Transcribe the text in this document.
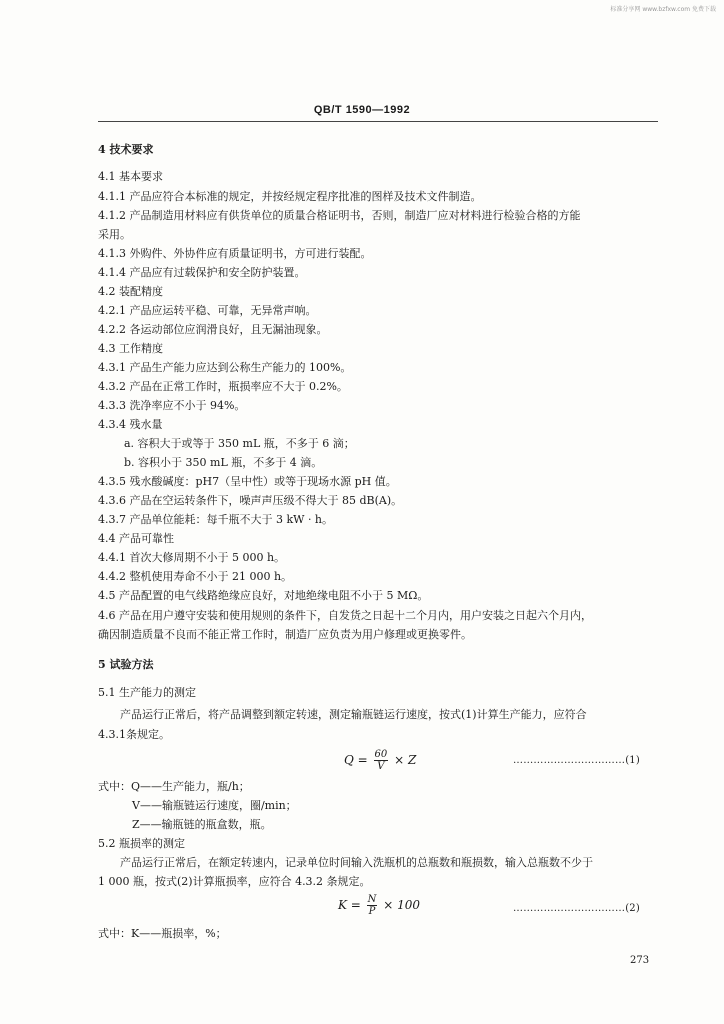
标准分享网 www.bzfxw.com 免费下载
QB/T 1590—1992
4 技术要求
4.1 基本要求
4.1.1 产品应符合本标准的规定，并按经规定程序批准的图样及技术文件制造。
4.1.2 产品制造用材料应有供货单位的质量合格证明书，否则，制造厂应对材料进行检验合格的方能
采用。
4.1.3 外购件、外协件应有质量证明书，方可进行装配。
4.1.4 产品应有过载保护和安全防护装置。
4.2 装配精度
4.2.1 产品应运转平稳、可靠，无异常声响。
4.2.2 各运动部位应润滑良好，且无漏油现象。
4.3 工作精度
4.3.1 产品生产能力应达到公称生产能力的 100%。
4.3.2 产品在正常工作时，瓶损率应不大于 0.2%。
4.3.3 洗净率应不小于 94%。
4.3.4 残水量
a. 容积大于或等于 350 mL 瓶，不多于 6 滴；
b. 容积小于 350 mL 瓶，不多于 4 滴。
4.3.5 残水酸碱度：pH7（呈中性）或等于现场水源 pH 值。
4.3.6 产品在空运转条件下，噪声声压级不得大于 85 dB(A)。
4.3.7 产品单位能耗：每千瓶不大于 3 kW · h。
4.4 产品可靠性
4.4.1 首次大修周期不小于 5 000 h。
4.4.2 整机使用寿命不小于 21 000 h。
4.5 产品配置的电气线路绝缘应良好，对地绝缘电阻不小于 5 MΩ。
4.6 产品在用户遵守安装和使用规则的条件下，自发货之日起十二个月内，用户安装之日起六个月内，
确因制造质量不良而不能正常工作时，制造厂应负责为用户修理或更换零件。
5 试验方法
5.1 生产能力的测定
产品运行正常后，将产品调整到额定转速，测定输瓶链运行速度，按式(1)计算生产能力，应符合
4.3.1条规定。
$Q = \frac{60}{V} \times Z$	……………………………(1)
式中：Q——生产能力，瓶/h；
V——输瓶链运行速度，圈/min；
Z——输瓶链的瓶盒数，瓶。
5.2 瓶损率的测定
产品运行正常后，在额定转速内，记录单位时间输入洗瓶机的总瓶数和瓶损数，输入总瓶数不少于
1 000 瓶，按式(2)计算瓶损率，应符合 4.3.2 条规定。
$K = \frac{N}{P} \times 100$	……………………………(2)
式中：K——瓶损率，%；
273
